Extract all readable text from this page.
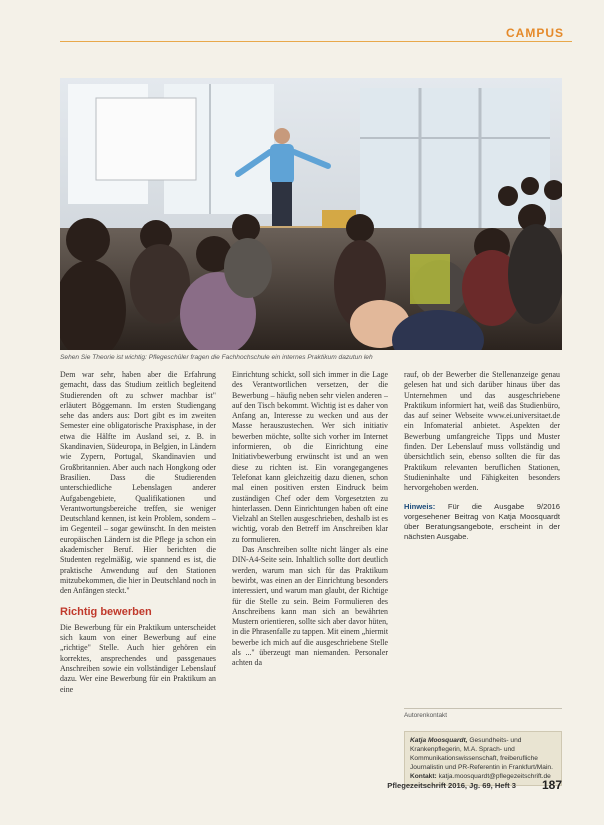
CAMPUS
Sehen Sie Theorie ist wichtig: Pflegeschüler fragen die Fachhochschule ein internes Praktikum dazutun leh

Dem war sehr, haben aber die Erfahrung gemacht, dass das Studium zeitlich begleitend Studierenden oft zu schwer machbar ist" erläutert Böggemann. Im ersten Studiengang sehe das anders aus: Dort gibt es im zweiten Semester eine obligatorische Praxisphase, in der etwa die Hälfte im Ausland sei, z. B. in Skandinavien, Südeuropa, in Belgien, in Ländern wie Zypern, Portugal, Skandinavien und Großbritannien. Aber auch nach Hongkong oder Brasilien. Dass die Studierenden unterschiedliche Lebenslagen anderer Aufgabengebiete, Qualifikationen und Verantwortungsbereiche treffen, sie weniger Deutschland kennen, ist kein Problem, sondern – im Gegenteil – sogar gewünscht. In den meisten europäischen Ländern ist die Pflege ja schon ein akademischer Beruf. Hier berichten die Studenten regelmäßig, wie spannend es ist, die praktische Anwendung auf den Stationen mitzubekommen, die hier in Deutschland noch in den Anfängen steckt."

Richtig bewerben

Die Bewerbung für ein Praktikum unterscheidet sich kaum von einer Bewerbung auf eine „richtige" Stelle. Auch hier gehören ein korrektes, ansprechendes und passgenaues Anschreiben sowie ein vollständiger Lebenslauf dazu. Wer eine Bewerbung für ein Praktikum an eine

Einrichtung schickt, soll sich immer in die Lage des Verantwortlichen versetzen, der die Bewerbung – häufig neben sehr vielen anderen – auf den Tisch bekommt. Wichtig ist es daher von Anfang an, Interesse zu wecken und aus der Masse herauszustechen. Wer sich initiativ bewerben möchte, sollte sich vorher im Internet informieren, ob die Einrichtung eine Initiativbewerbung erwünscht ist und an wen diese zu richten ist. Ein vorangegangenes Telefonat kann gleichzeitig dazu dienen, schon mal einen positiven ersten Eindruck beim zuständigen Chef oder dem Vorgesetzten zu hinterlassen. Denn Einrichtungen haben oft eine Vielzahl an Stellen ausgeschrieben, deshalb ist es wichtig, vorab den Betreff im Anschreiben klar zu formulieren.

Das Anschreiben sollte nicht länger als eine DIN-A4-Seite sein. Inhaltlich sollte dort deutlich werden, warum man sich für das Praktikum bewirbt, was einen an der Einrichtung besonders interessiert, und warum man glaubt, der Richtige für die Stelle zu sein. Beim Formulieren des Anschreibens kann man sich an bewährten Mustern orientieren, sollte sich aber davor hüten, in die Phrasenfalle zu tappen. Mit einem „hiermit bewerbe ich mich auf die ausgeschriebene Stelle als ..." überzeugt man niemanden. Personaler achten da

rauf, ob der Bewerber die Stellenanzeige genau gelesen hat und sich darüber hinaus über das Unternehmen und das ausgeschriebene Praktikum informiert hat, weiß das Studienbüro, das auf seiner Webseite www.ei.universitaet.de ein Infomaterial anbietet. Aspekten der Bewerbung umfangreiche Tipps und Muster finden. Der Lebenslauf muss vollständig und übersichtlich sein, ebenso sollten die für das Praktikum relevanten beruflichen Stationen, Studieninhalte und Fähigkeiten besonders hervorgehoben werden.

Hinweis: Für die Ausgabe 9/2016 vorgesehener Beitrag von Katja Moosquardt über Beratungsangebote, erscheint in der nächsten Ausgabe.

Autorenkontakt
Katja Moosquardt, Gesundheits- und Krankenpflegerin, M.A. Sprach- und Kommunikationswissenschaft, freiberufliche Journalistin und PR-Referentin in Frankfurt/Main. Kontakt: katja.moosquardt@pflegezeitschrift.de
Pflegezeitschrift 2016, Jg. 69, Heft 3 187
